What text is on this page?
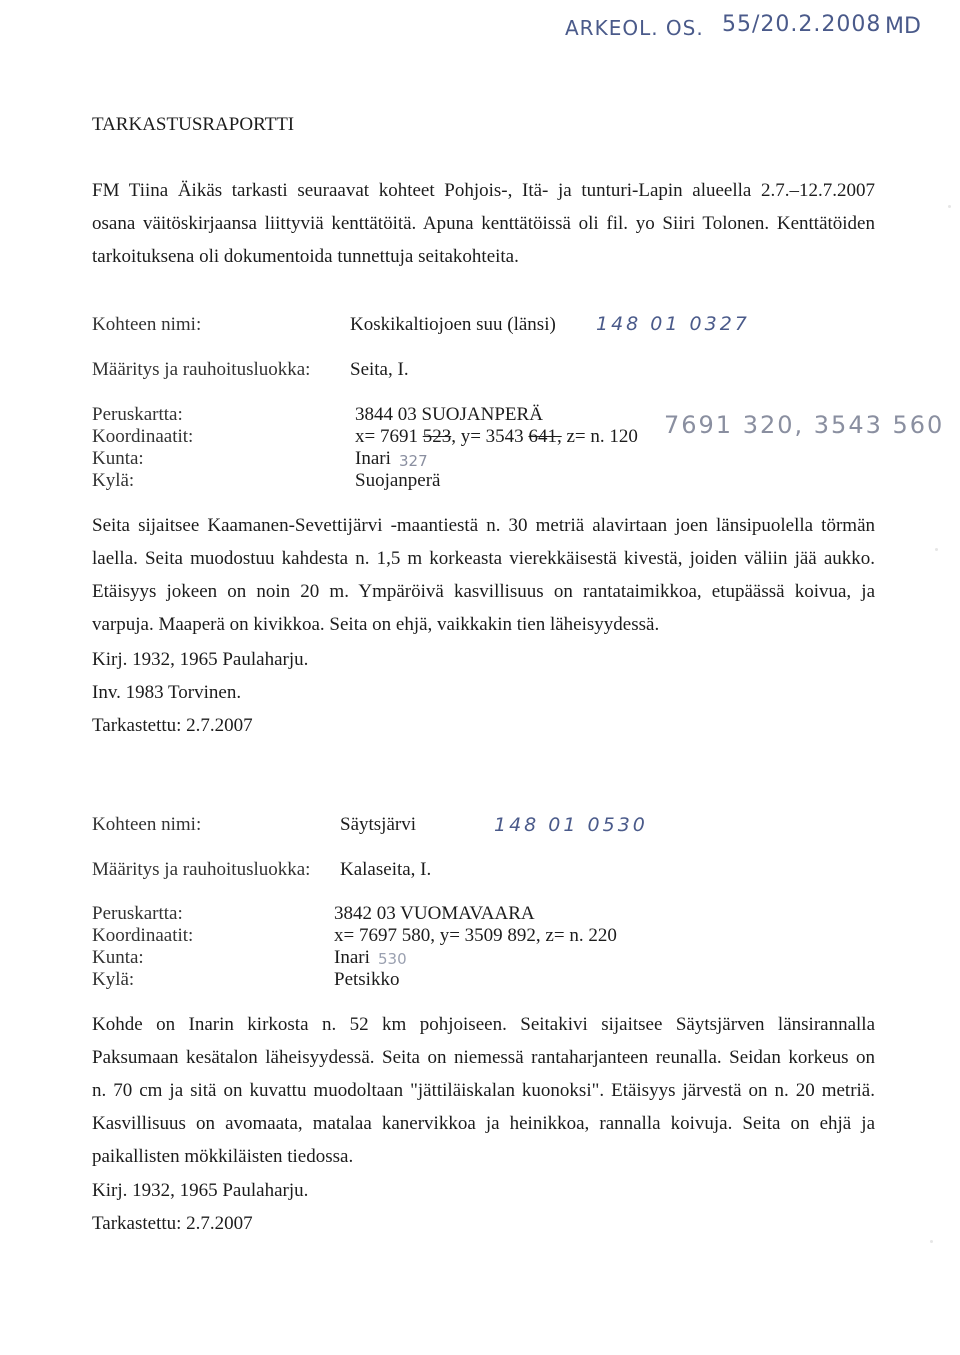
ARKEOL. OS. 55/20.2.2008 MD
TARKASTUSRAPORTTI
FM Tiina Äikäs tarkasti seuraavat kohteet Pohjois-, Itä- ja tunturi-Lapin alueella 2.7.–12.7.2007
osana väitöskirjaansa liittyviä kenttätöitä. Apuna kenttätöissä oli fil. yo Siiri Tolonen. Kenttätöiden
tarkoituksena oli dokumentoida tunnettuja seitakohteita.
Kohteen nimi:	Koskikaltiojoen suu (länsi) 148 01 0327
Määritys ja rauhoitusluokka: Seita, I.
Peruskartta:	3844 03 SUOJANPERÄ
Koordinaatit:	x= 7691 523, y= 3543 641, z= n. 120 7691 320, 3543 560
Kunta:	Inari 327
Kylä:	Suojanperä
Seita sijaitsee Kaamanen-Sevettijärvi -maantiestä n. 30 metriä alavirtaan joen länsipuolella törmän
laella. Seita muodostuu kahdesta n. 1,5 m korkeasta vierekkäisestä kivestä, joiden väliin jää aukko.
Etäisyys jokeen on noin 20 m. Ympäröivä kasvillisuus on rantataimikkoa, etupäässä koivua, ja
varpuja. Maaperä on kivikkoa. Seita on ehjä, vaikkakin tien läheisyydessä.
Kirj. 1932, 1965 Paulaharju.
Inv. 1983 Torvinen.
Tarkastettu: 2.7.2007
Kohteen nimi:	Säytsjärvi	148 01 0530
Määritys ja rauhoitusluokka: Kalaseita, I.
Peruskartta:	3842 03 VUOMAVAARA
Koordinaatit:	x= 7697 580, y= 3509 892, z= n. 220
Kunta:	Inari 530
Kylä:	Petsikko
Kohde on Inarin kirkosta n. 52 km pohjoiseen. Seitakivi sijaitsee Säytsjärven länsirannalla
Paksumaan kesätalon läheisyydessä. Seita on niemessä rantaharjanteen reunalla. Seidan korkeus on
n. 70 cm ja sitä on kuvattu muodoltaan "jättiläiskalan kuonoksi". Etäisyys järvestä on n. 20 metriä.
Kasvillisuus on avomaata, matalaa kanervikkoa ja heinikkoa, rannalla koivuja. Seita on ehjä ja
paikallisten mökkiläisten tiedossa.
Kirj. 1932, 1965 Paulaharju.
Tarkastettu: 2.7.2007
